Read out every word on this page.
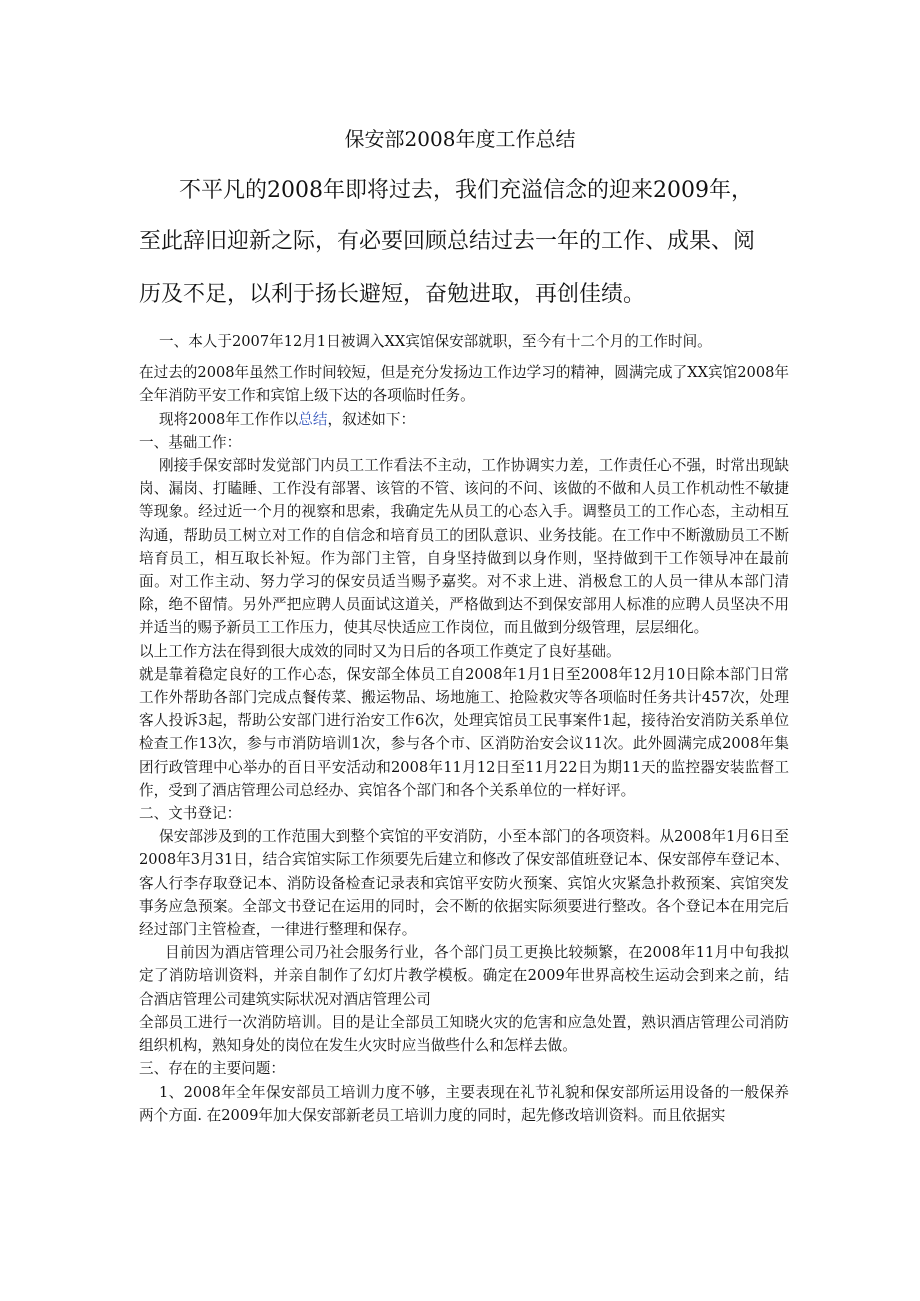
保安部2008年度工作总结
不平凡的2008年即将过去，我们充溢信念的迎来2009年，
至此辞旧迎新之际，有必要回顾总结过去一年的工作、成果、阅
历及不足，以利于扬长避短，奋勉进取，再创佳绩。

一、本人于2007年12月1日被调入XX宾馆保安部就职，至今有十二个月的工作时间。

在过去的2008年虽然工作时间较短，但是充分发扬边工作边学习的精神，圆满完成了XX宾馆2008年全年消防平安工作和宾馆上级下达的各项临时任务。

现将2008年工作作以总结，叙述如下：

一、基础工作：

刚接手保安部时发觉部门内员工工作看法不主动，工作协调实力差，工作责任心不强，时常出现缺岗、漏岗、打瞌睡、工作没有部署、该管的不管、该问的不问、该做的不做和人员工作机动性不敏捷等现象。经过近一个月的视察和思索，我确定先从员工的心态入手。调整员工的工作心态，主动相互沟通，帮助员工树立对工作的自信念和培育员工的团队意识、业务技能。在工作中不断激励员工不断培育员工，相互取长补短。作为部门主管，自身坚持做到以身作则，坚持做到干工作领导冲在最前面。对工作主动、努力学习的保安员适当赐予嘉奖。对不求上进、消极怠工的人员一律从本部门清除，绝不留情。另外严把应聘人员面试这道关，严格做到达不到保安部用人标准的应聘人员坚决不用并适当的赐予新员工工作压力，使其尽快适应工作岗位，而且做到分级管理，层层细化。

以上工作方法在得到很大成效的同时又为日后的各项工作奠定了良好基础。

就是靠着稳定良好的工作心态，保安部全体员工自2008年1月1日至2008年12月10日除本部门日常工作外帮助各部门完成点餐传菜、搬运物品、场地施工、抢险救灾等各项临时任务共计457次，处理客人投诉3起，帮助公安部门进行治安工作6次，处理宾馆员工民事案件1起，接待治安消防关系单位检查工作13次，参与市消防培训1次，参与各个市、区消防治安会议11次。此外圆满完成2008年集团行政管理中心举办的百日平安活动和2008年11月12日至11月22日为期11天的监控器安装监督工作，受到了酒店管理公司总经办、宾馆各个部门和各个关系单位的一样好评。

二、文书登记：

保安部涉及到的工作范围大到整个宾馆的平安消防，小至本部门的各项资料。从2008年1月6日至2008年3月31日，结合宾馆实际工作须要先后建立和修改了保安部值班登记本、保安部停车登记本、客人行李存取登记本、消防设备检查记录表和宾馆平安防火预案、宾馆火灾紧急扑救预案、宾馆突发事务应急预案。全部文书登记在运用的同时，会不断的依据实际须要进行整改。各个登记本在用完后经过部门主管检查，一律进行整理和保存。

目前因为酒店管理公司乃社会服务行业，各个部门员工更换比较频繁，在2008年11月中旬我拟定了消防培训资料，并亲自制作了幻灯片教学模板。确定在2009年世界高校生运动会到来之前，结合酒店管理公司建筑实际状况对酒店管理公司

全部员工进行一次消防培训。目的是让全部员工知晓火灾的危害和应急处置，熟识酒店管理公司消防组织机构，熟知身处的岗位在发生火灾时应当做些什么和怎样去做。

三、存在的主要问题：

1、2008年全年保安部员工培训力度不够，主要表现在礼节礼貌和保安部所运用设备的一般保养两个方面. 在2009年加大保安部新老员工培训力度的同时，起先修改培训资料。而且依据实
